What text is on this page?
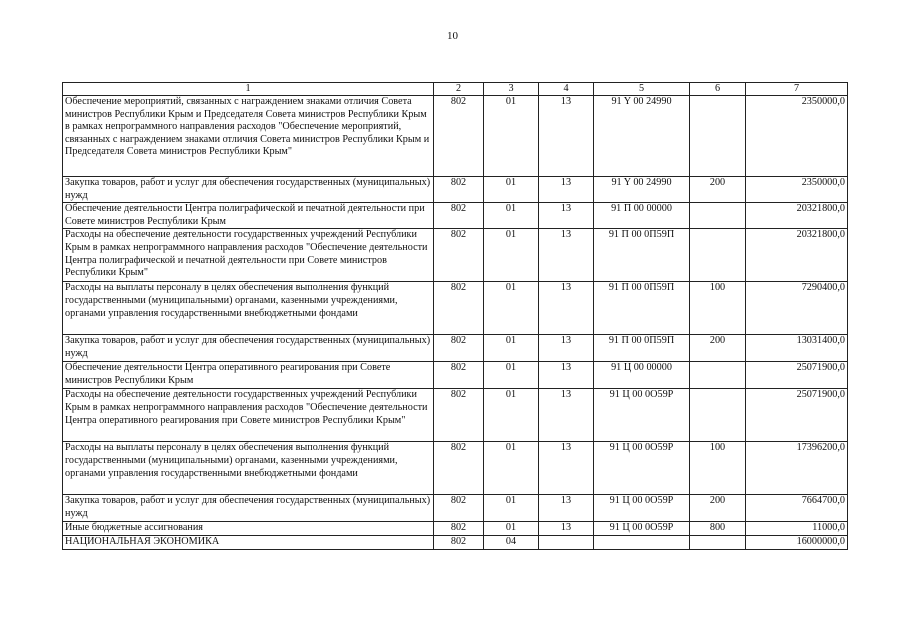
10
1	2	3	4	5	6	7
Обеспечение мероприятий, связанных с награждением знаками отличия Совета министров Республики Крым и Председателя Совета министров Республики Крым в рамках непрограммного направления расходов "Обеспечение мероприятий, связанных с награждением знаками отличия Совета министров Республики Крым и Председателя Совета министров Республики Крым"	802	01	13	91 Y 00 24990		2350000,0
Закупка товаров, работ и услуг для обеспечения государственных (муниципальных) нужд	802	01	13	91 Y 00 24990	200	2350000,0
Обеспечение деятельности Центра полиграфической и печатной деятельности при Совете министров Республики Крым	802	01	13	91 П 00 00000		20321800,0
Расходы на обеспечение деятельности государственных учреждений Республики Крым в рамках непрограммного направления расходов "Обеспечение деятельности Центра полиграфической и печатной деятельности при Совете министров Республики Крым"	802	01	13	91 П 00 0П59П		20321800,0
Расходы на выплаты персоналу в целях обеспечения выполнения функций государственными (муниципальными) органами, казенными учреждениями, органами управления государственными внебюджетными фондами	802	01	13	91 П 00 0П59П	100	7290400,0
Закупка товаров, работ и услуг для обеспечения государственных (муниципальных) нужд	802	01	13	91 П 00 0П59П	200	13031400,0
Обеспечение деятельности Центра оперативного реагирования при Совете министров Республики Крым	802	01	13	91 Ц 00 00000		25071900,0
Расходы на обеспечение деятельности государственных учреждений Республики Крым в рамках непрограммного направления расходов "Обеспечение деятельности Центра оперативного реагирования при Совете министров Республики Крым"	802	01	13	91 Ц 00 0О59Р		25071900,0
Расходы на выплаты персоналу в целях обеспечения выполнения функций государственными (муниципальными) органами, казенными учреждениями, органами управления государственными внебюджетными фондами	802	01	13	91 Ц 00 0О59Р	100	17396200,0
Закупка товаров, работ и услуг для обеспечения государственных (муниципальных) нужд	802	01	13	91 Ц 00 0О59Р	200	7664700,0
Иные бюджетные ассигнования	802	01	13	91 Ц 00 0О59Р	800	11000,0
НАЦИОНАЛЬНАЯ ЭКОНОМИКА	802	04				16000000,0
